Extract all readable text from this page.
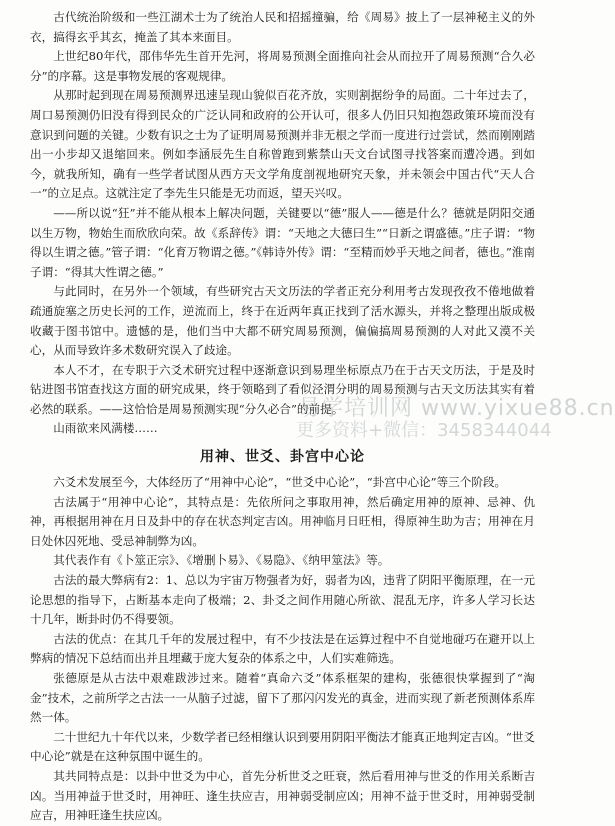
古代统治阶级和一些江湖术士为了统治人民和招摇撞骗，给《周易》披上了一层神秘主义的外衣，搞得玄乎其玄，掩盖了其本来面目。

上世纪80年代，邵伟华先生首开先河，将周易预测全面推向社会从而拉开了周易预测“合久必分”的序幕。这是事物发展的客观规律。

从那时起到现在周易预测界迅速呈现山貌似百花齐放，实则割据纷争的局面。二十年过去了，周口易预测仍旧没有得到民众的广泛认同和政府的公开认可，很多人仍旧只知抱怨政策环境而没有意识到问题的关键。少数有识之士为了证明周易预测并非无根之学而一度进行过尝试，然而刚刚踏出一小步却又退缩回来。例如李涵辰先生自称曾跑到紫禁山天文台试图寻找答案而遭冷遇。到如今，就我所知，确有一些学者试图从西方天文学角度剖视地研究天象，并未领会中国古代“天人合一”的立足点。这就注定了李先生只能是无功而返，望天兴叹。

——所以说“狂”并不能从根本上解决问题，关键要以“德”服人——德是什么？德就是阴阳交通以生万物，物始生而欣欣向荣。故《系辞传》谓：“天地之大德曰生”“日新之谓盛德。”庄子谓：“物得以生谓之德。”管子谓：“化育万物谓之德。”《韩诗外传》谓：“至精而妙乎天地之间者，德也。”淮南子谓：“得其大性谓之德。”

与此同时，在另外一个领域，有些研究古天文历法的学者正充分利用考古发现孜孜不倦地做着疏通旋塞之历史长河的工作，逆流而上，终于在近两年真正找到了活水源头，并将之整理出版成极收藏于图书馆中。遗憾的是，他们当中大都不研究周易预测，偏偏搞周易预测的人对此又漠不关心，从而导致许多术数研究误入了歧途。

本人不才，在专职于六爻术研究过程中逐渐意识到易理坐标原点乃在于古天文历法，于是及时钻进图书馆查找这方面的研究成果，终于领略到了看似泾渭分明的周易预测与古天文历法其实有着必然的联系。——这恰恰是周易预测实现“分久必合”的前提。

山雨欲来风满楼……

用神、世爻、卦宫中心论

六爻术发展至今，大体经历了“用神中心论”，“世爻中心论”，“卦宫中心论”等三个阶段。

古法属于“用神中心论”，其特点是：先依所问之事取用神，然后确定用神的原神、忌神、仇神，再根据用神在月日及卦中的存在状态判定吉凶。用神临月日旺相，得原神生助为吉；用神在月日处休囚死地、受忌神制弊为凶。

其代表作有《卜筮正宗》、《增删卜易》、《易隐》、《纳甲筮法》等。

古法的最大弊病有2：1、总以为宇宙万物强者为好，弱者为凶，违背了阴阳平衡原理，在一元论思想的指导下，占断基本走向了极端；2、卦爻之间作用随心所欲、混乱无序，许多人学习长达十几年，断卦时仍不得要领。

古法的优点：在其几千年的发展过程中，有不少技法是在运算过程中不自觉地碰巧在避开以上弊病的情况下总结而出并且埋藏于庞大复杂的体系之中，人们实难筛选。

张德原是从古法中艰难跋涉过来。随着“真命六爻”体系框架的建构，张德很快掌握到了“淘金”技术，之前所学之古法一一从脑子过滤，留下了那闪闪发光的真金，进而实现了新老预测体系库然一体。

二十世纪九十年代以来，少数学者已经相继认识到要用阴阳平衡法才能真正地判定吉凶。“世爻中心论”就是在这种氛围中诞生的。

其共同特点是：以卦中世爻为中心，首先分析世爻之旺衰，然后看用神与世爻的作用关系断吉凶。当用神益于世爻时，用神旺、逢生扶应吉，用神弱受制应凶；用神不益于世爻时，用神弱受制应吉，用神旺逢生扶应凶。

易学培训网 www.yixue88.cn
更多资料+微信：3458344044
